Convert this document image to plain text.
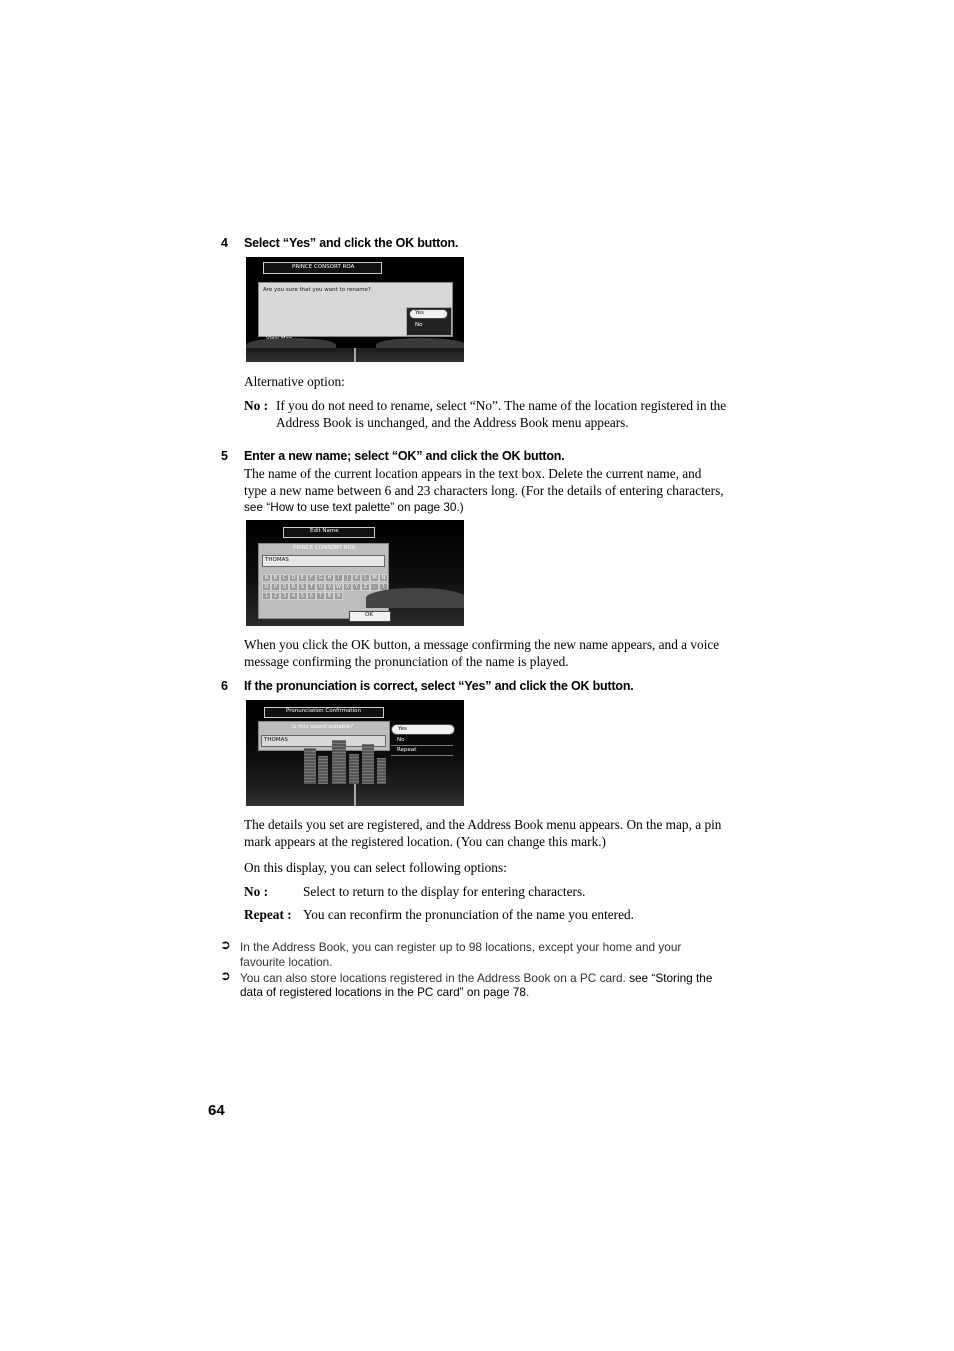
4 Select “Yes” and click the OK button.
PRINCE CONSORT ROA
Are you sure that you want to rename?
Yes
No
Alternative option:
No : If you do not need to rename, select “No”. The name of the location registered in the
Address Book is unchanged, and the Address Book menu appears.
5 Enter a new name; select “OK” and click the OK button.
The name of the current location appears in the text box. Delete the current name, and
type a new name between 6 and 23 characters long. (For the details of entering characters,
see “How to use text palette” on page 30.)
Edit Name
PRINCE CONSORT ROA
THOMAS
A	B	C	D	E	F	G	H	I	J	K	L	M N
O	P	Q	R	S	T	U	V W X	Y	Z	-	!
1	2	3	4	5	6	7	8	9
OK
When you click the OK button, a message confirming the new name appears, and a voice
message confirming the pronunciation of the name is played.
6 If the pronunciation is correct, select “Yes” and click the OK button.
Pronunciation Confirmation
Is this sound suitable?
THOMAS
Yes
No
Repeat
The details you set are registered, and the Address Book menu appears. On the map, a pin
mark appears at the registered location. (You can change this mark.)
On this display, you can select following options:
No :	Select to return to the display for entering characters.
Repeat : You can reconfirm the pronunciation of the name you entered.
➲ In the Address Book, you can register up to 98 locations, except your home and your
favourite location.
➲ You can also store locations registered in the Address Book on a PC card. see “Storing the
data of registered locations in the PC card” on page 78.
64
